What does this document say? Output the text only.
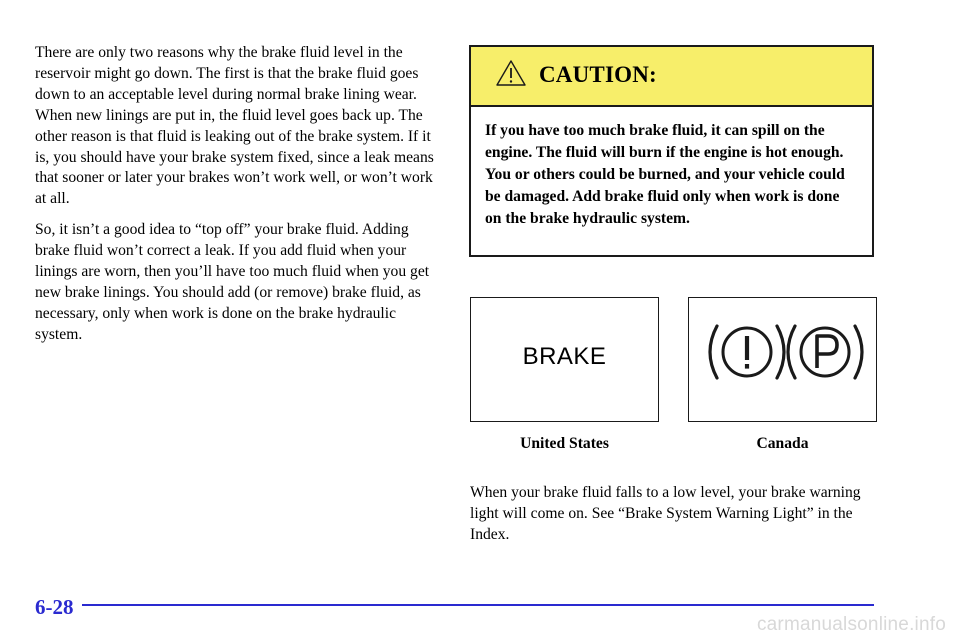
There are only two reasons why the brake fluid level in the reservoir might go down. The first is that the brake fluid goes down to an acceptable level during normal brake lining wear. When new linings are put in, the fluid level goes back up. The other reason is that fluid is leaking out of the brake system. If it is, you should have your brake system fixed, since a leak means that sooner or later your brakes won’t work well, or won’t work at all.

So, it isn’t a good idea to “top off” your brake fluid. Adding brake fluid won’t correct a leak. If you add fluid when your linings are worn, then you’ll have too much fluid when you get new brake linings. You should add (or remove) brake fluid, as necessary, only when work is done on the brake hydraulic system.

CAUTION:

If you have too much brake fluid, it can spill on the engine. The fluid will burn if the engine is hot enough. You or others could be burned, and your vehicle could be damaged. Add brake fluid only when work is done on the brake hydraulic system.

BRAKE
United States	Canada

When your brake fluid falls to a low level, your brake warning light will come on. See “Brake System Warning Light” in the Index.

6-28
carmanualsonline.info
